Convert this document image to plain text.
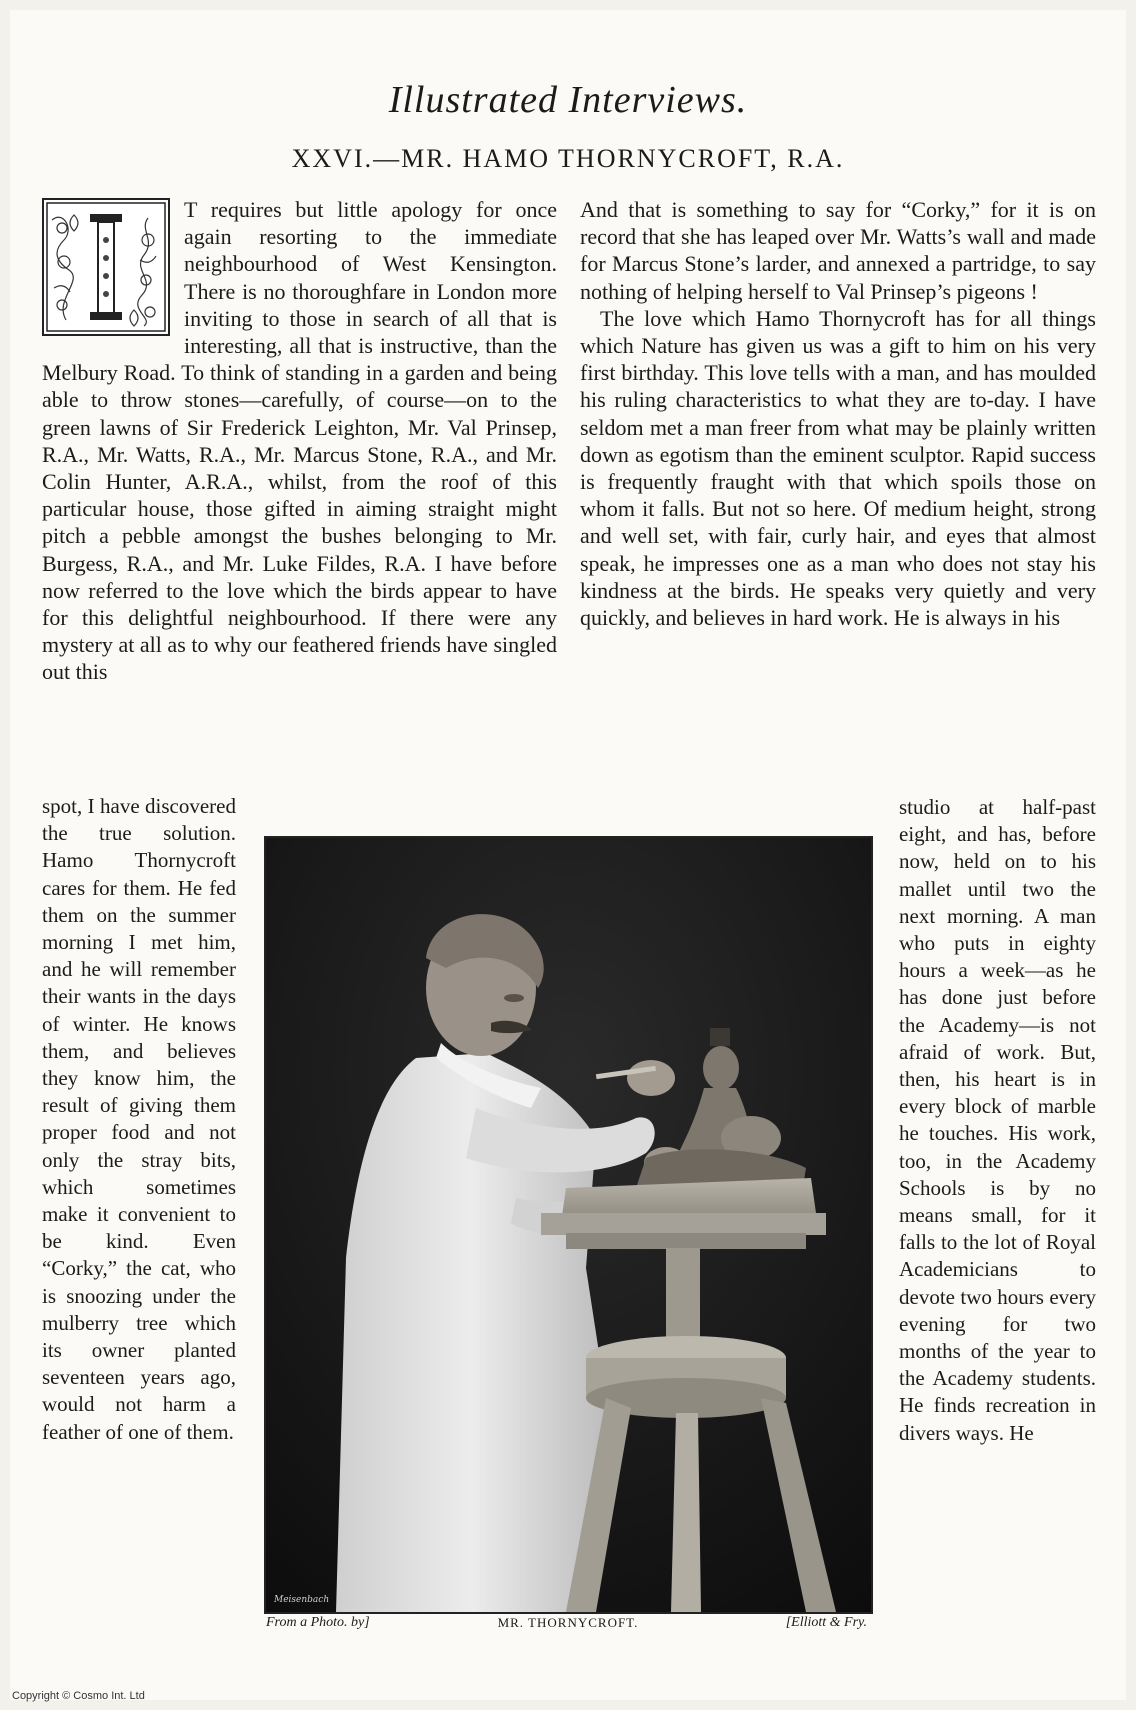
Illustrated Interviews.
XXVI.—MR. HAMO THORNYCROFT, R.A.

T requires but little apology for once again resorting to the immediate neighbourhood of West Kensington. There is no thoroughfare in London more inviting to those in search of all that is interesting, all that is instructive, than the Melbury Road. To think of standing in a garden and being able to throw stones—carefully, of course—on to the green lawns of Sir Frederick Leighton, Mr. Val Prinsep, R.A., Mr. Watts, R.A., Mr. Marcus Stone, R.A., and Mr. Colin Hunter, A.R.A., whilst, from the roof of this particular house, those gifted in aiming straight might pitch a pebble amongst the bushes belonging to Mr. Burgess, R.A., and Mr. Luke Fildes, R.A. I have before now referred to the love which the birds appear to have for this delightful neighbourhood. If there were any mystery at all as to why our feathered friends have singled out this

spot, I have discovered the true solution. Hamo Thornycroft cares for them. He fed them on the summer morning I met him, and he will remember their wants in the days of winter. He knows them, and believes they know him, the result of giving them proper food and not only the stray bits, which sometimes make it convenient to be kind. Even “Corky,” the cat, who is snoozing under the mulberry tree which its owner planted seventeen years ago, would not harm a feather of one of them.

And that is something to say for “Corky,” for it is on record that she has leaped over Mr. Watts’s wall and made for Marcus Stone’s larder, and annexed a partridge, to say nothing of helping herself to Val Prinsep’s pigeons !

The love which Hamo Thornycroft has for all things which Nature has given us was a gift to him on his very first birthday. This love tells with a man, and has moulded his ruling characteristics to what they are to-day. I have seldom met a man freer from what may be plainly written down as egotism than the eminent sculptor. Rapid success is frequently fraught with that which spoils those on whom it falls. But not so here. Of medium height, strong and well set, with fair, curly hair, and eyes that almost speak, he impresses one as a man who does not stay his kindness at the birds. He speaks very quietly and very quickly, and believes in hard work. He is always in his

studio at half-past eight, and has, before now, held on to his mallet until two the next morning. A man who puts in eighty hours a week—as he has done just before the Academy—is not afraid of work. But, then, his heart is in every block of marble he touches. His work, too, in the Academy Schools is by no means small, for it falls to the lot of Royal Academicians to devote two hours every evening for two months of the year to the Academy students. He finds recreation in divers ways. He

Meisenbach
From a Photo. by]	MR. THORNYCROFT.	[Elliott & Fry.
Copyright © Cosmo Int. Ltd
